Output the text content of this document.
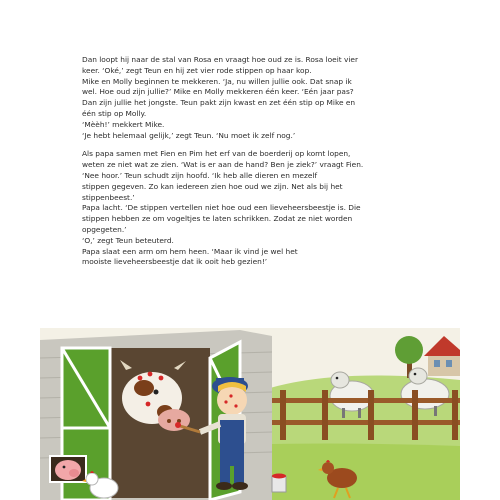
Dan loopt hij naar de stal van Rosa en vraagt hoe oud ze is. Rosa loeit vier
keer. ‘Oké,’ zegt Teun en hij zet vier rode stippen op haar kop.
Mike en Molly beginnen te mekkeren. ‘Ja, nu willen jullie ook. Dat snap ik
wel. Hoe oud zijn jullie?’ Mike en Molly mekkeren één keer. ‘Eén jaar pas?
Dan zijn jullie het jongste. Teun pakt zijn kwast en zet één stip op Mike en
één stip op Molly.
‘Mèèh!’ mekkert Mike.
‘Je hebt helemaal gelijk,’ zegt Teun. ‘Nu moet ik zelf nog.’

Als papa samen met Fien en Pim het erf van de boerderij op komt lopen,
weten ze niet wat ze zien. ‘Wat is er aan de hand? Ben je ziek?’ vraagt Fien.
‘Nee hoor.’ Teun schudt zijn hoofd. ‘Ik heb alle dieren en mezelf
stippen gegeven. Zo kan iedereen zien hoe oud we zijn. Net als bij het
stippenbeest.’
Papa lacht. ‘De stippen vertellen niet hoe oud een lieveheersbeestje is. Die
stippen hebben ze om vogeltjes te laten schrikken. Zodat ze niet worden
opgegeten.’
‘O,’ zegt Teun beteuterd.
Papa slaat een arm om hem heen. ‘Maar ik vind je wel het
mooiste lieveheersbeestje dat ik ooit heb gezien!’
